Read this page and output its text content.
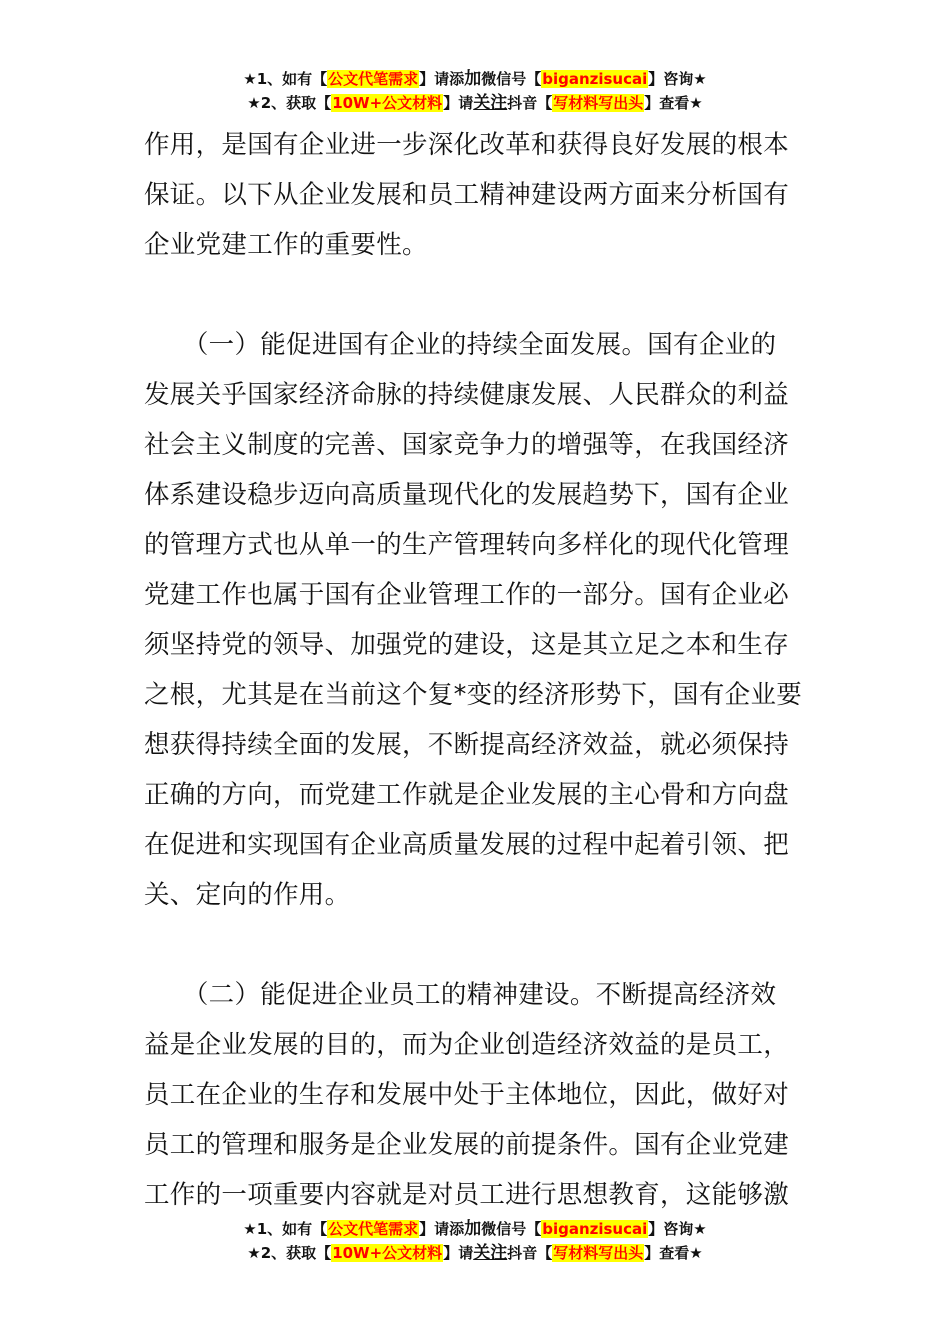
★1、如有【公文代笔需求】请添加微信号【biganzisucai】咨询★
★2、获取【10W+公文材料】请关注抖音【写材料写出头】查看★
作用，是国有企业进一步深化改革和获得良好发展的根本
保证。以下从企业发展和员工精神建设两方面来分析国有
企业党建工作的重要性。
　　（一）能促进国有企业的持续全面发展。国有企业的
发展关乎国家经济命脉的持续健康发展、人民群众的利益
社会主义制度的完善、国家竞争力的增强等，在我国经济
体系建设稳步迈向高质量现代化的发展趋势下，国有企业
的管理方式也从单一的生产管理转向多样化的现代化管理
党建工作也属于国有企业管理工作的一部分。国有企业必
须坚持党的领导、加强党的建设，这是其立足之本和生存
之根，尤其是在当前这个复*变的经济形势下，国有企业要
想获得持续全面的发展，不断提高经济效益，就必须保持
正确的方向，而党建工作就是企业发展的主心骨和方向盘
在促进和实现国有企业高质量发展的过程中起着引领、把
关、定向的作用。
　　（二）能促进企业员工的精神建设。不断提高经济效
益是企业发展的目的，而为企业创造经济效益的是员工，
员工在企业的生存和发展中处于主体地位，因此，做好对
员工的管理和服务是企业发展的前提条件。国有企业党建
工作的一项重要内容就是对员工进行思想教育，这能够激
★1、如有【公文代笔需求】请添加微信号【biganzisucai】咨询★
★2、获取【10W+公文材料】请关注抖音【写材料写出头】查看★
